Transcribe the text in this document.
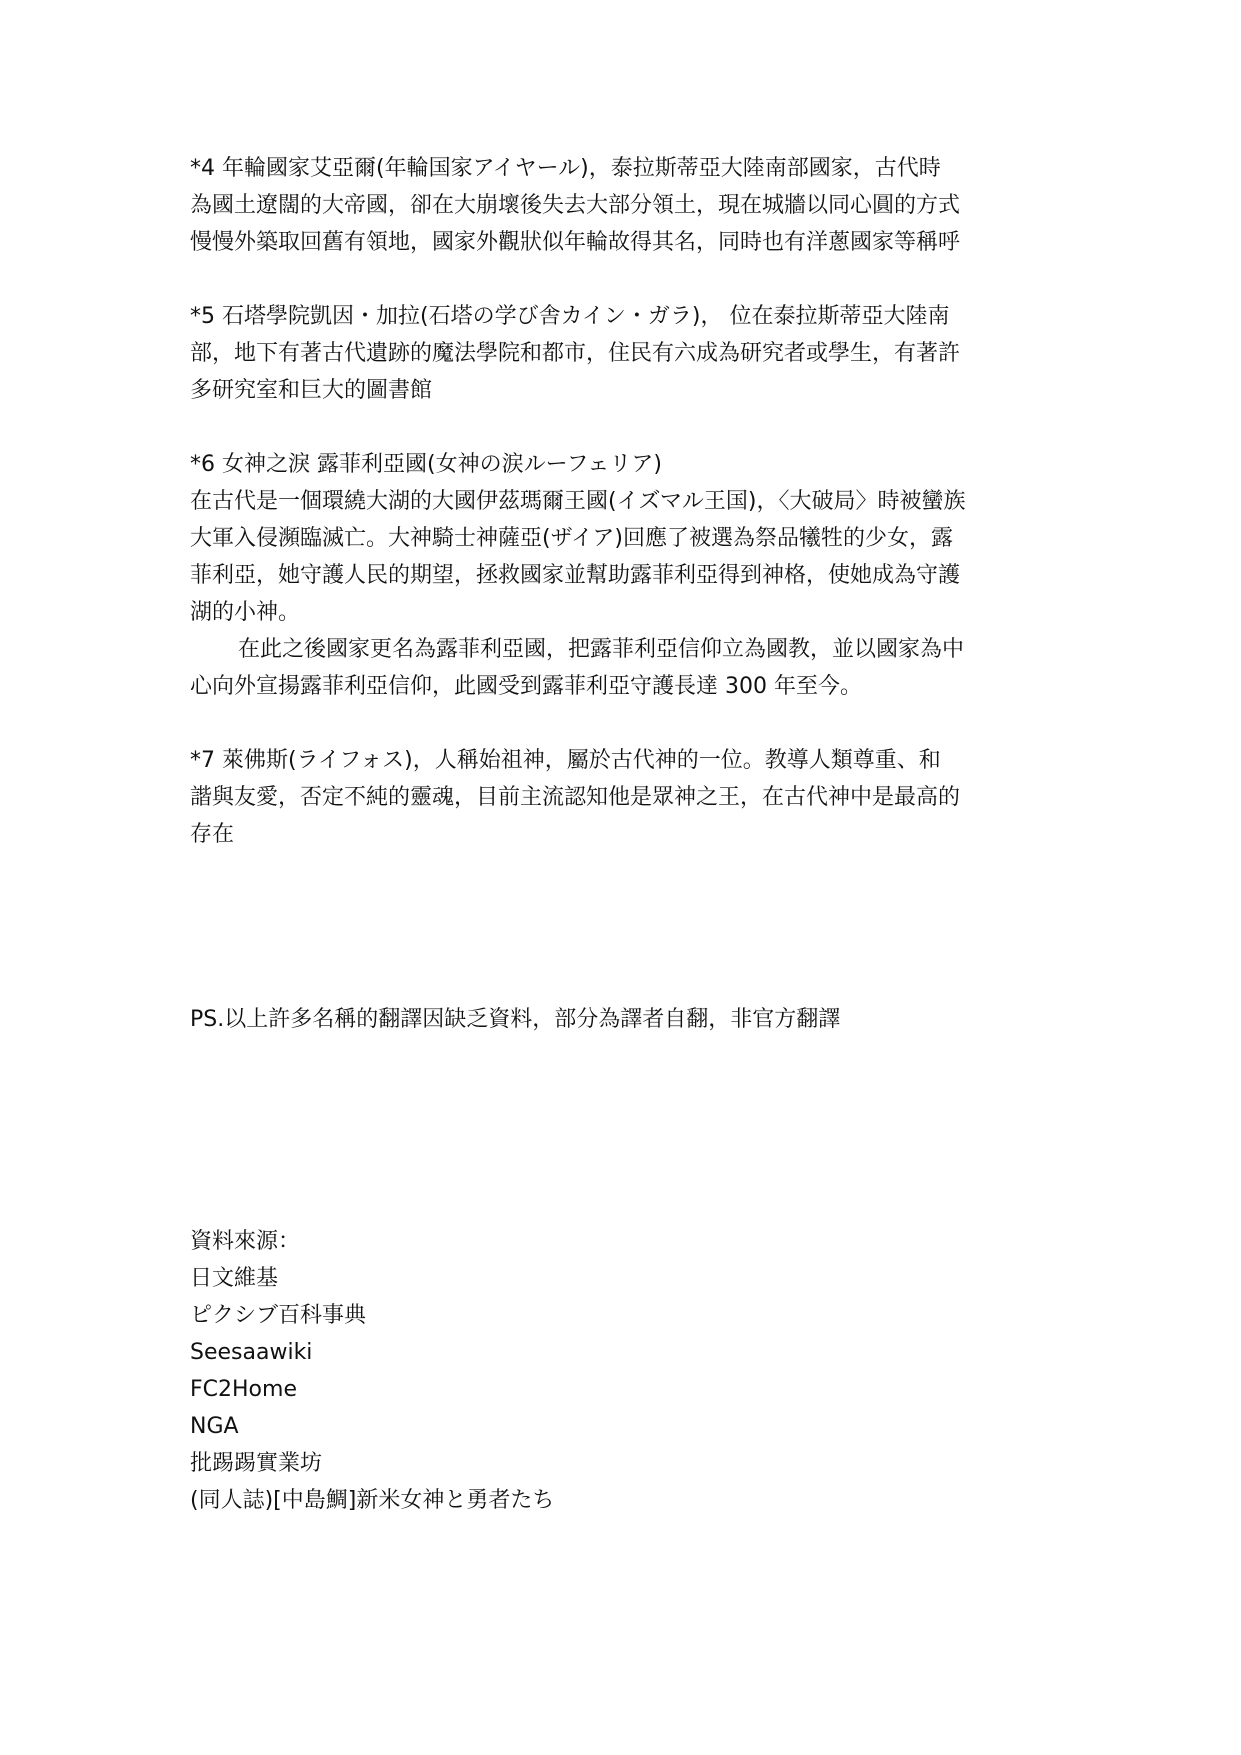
*4 年輪國家艾亞爾(年輪国家アイヤール)，泰拉斯蒂亞大陸南部國家，古代時

為國土遼闊的大帝國，卻在大崩壞後失去大部分領土，現在城牆以同心圓的方式

慢慢外築取回舊有領地，國家外觀狀似年輪故得其名，同時也有洋蔥國家等稱呼

*5 石塔學院凱因・加拉(石塔の学び舎カイン・ガラ)， 位在泰拉斯蒂亞大陸南

部，地下有著古代遺跡的魔法學院和都市，住民有六成為研究者或學生，有著許

多研究室和巨大的圖書館

*6 女神之淚 露菲利亞國(女神の涙ルーフェリア)

在古代是一個環繞大湖的大國伊茲瑪爾王國(イズマル王国)，〈大破局〉時被蠻族

大軍入侵瀕臨滅亡。大神騎士神薩亞(ザイア)回應了被選為祭品犧牲的少女，露

菲利亞，她守護人民的期望，拯救國家並幫助露菲利亞得到神格，使她成為守護

湖的小神。

在此之後國家更名為露菲利亞國，把露菲利亞信仰立為國教，並以國家為中

心向外宣揚露菲利亞信仰，此國受到露菲利亞守護長達 300 年至今。

*7 萊佛斯(ライフォス)，人稱始祖神，屬於古代神的一位。教導人類尊重、和

諧與友愛，否定不純的靈魂，目前主流認知他是眾神之王，在古代神中是最高的

存在

PS.以上許多名稱的翻譯因缺乏資料，部分為譯者自翻，非官方翻譯

資料來源：
日文維基
ピクシブ百科事典
Seesaawiki
FC2Home
NGA
批踢踢實業坊
(同人誌)[中島鯛]新米女神と勇者たち
